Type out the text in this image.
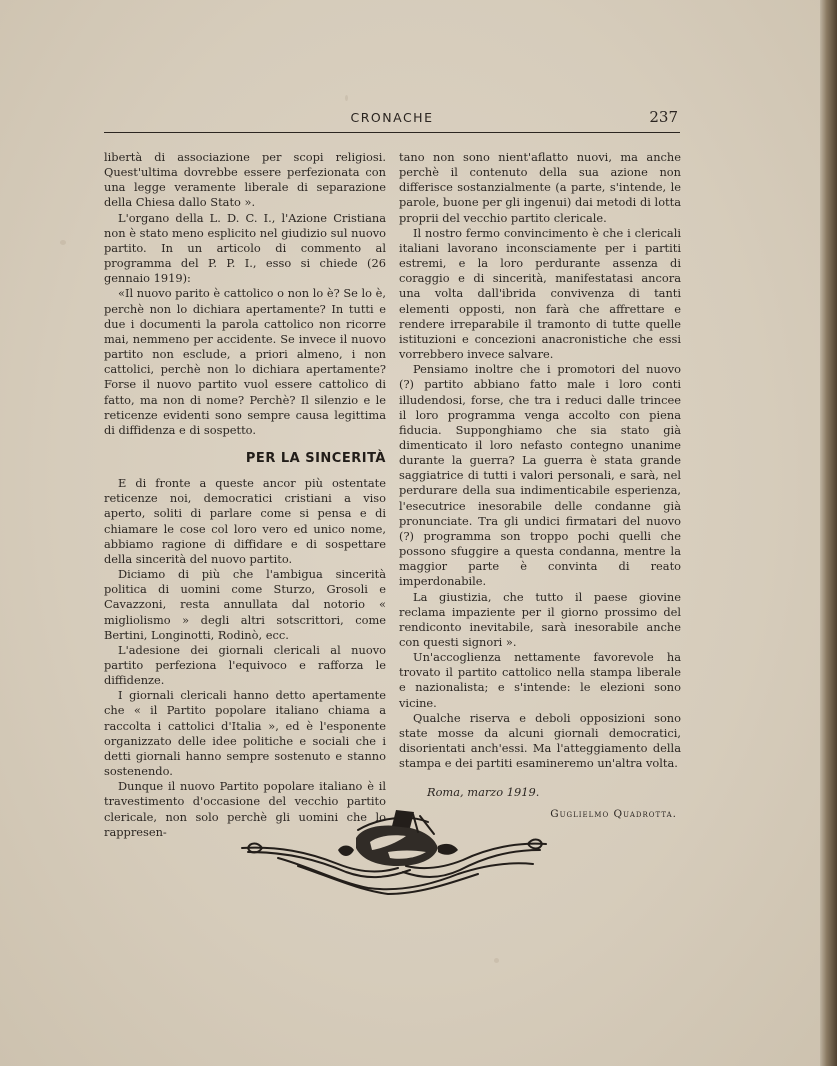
CRONACHE	237

libertà di associazione per scopi religiosi. Quest'ultima dovrebbe essere perfezionata con una legge veramente liberale di separazione della Chiesa dallo Stato ».

L'organo della L. D. C. I., l'Azione Cristiana non è stato meno esplicito nel giudizio sul nuovo partito. In un articolo di commento al programma del P. P. I., esso si chiede (26 gennaio 1919):

«Il nuovo parito è cattolico o non lo è? Se lo è, perchè non lo dichiara apertamente? In tutti e due i documenti la parola cattolico non ricorre mai, nemmeno per accidente. Se invece il nuovo partito non esclude, a priori almeno, i non cattolici, perchè non lo dichiara apertamente? Forse il nuovo partito vuol essere cattolico di fatto, ma non di nome? Perchè? Il silenzio e le reticenze evidenti sono sempre causa legittima di diffidenza e di sospetto.

PER LA SINCERITÀ

E di fronte a queste ancor più ostentate reticenze noi, democratici cristiani a viso aperto, soliti di parlare come si pensa e di chiamare le cose col loro vero ed unico nome, abbiamo ragione di diffidare e di sospettare della sincerità del nuovo partito.

Diciamo di più che l'ambigua sincerità politica di uomini come Sturzo, Grosoli e Cavazzoni, resta annullata dal notorio « migliolismo » degli altri sotscrittori, come Bertini, Longinotti, Rodinò, ecc.

L'adesione dei giornali clericali al nuovo partito perfeziona l'equivoco e rafforza le diffidenze.

I giornali clericali hanno detto apertamente che « il Partito popolare italiano chiama a raccolta i cattolici d'Italia », ed è l'esponente organizzato delle idee politiche e sociali che i detti giornali hanno sempre sostenuto e stanno sostenendo.

Dunque il nuovo Partito popolare italiano è il travestimento d'occasione del vecchio partito clericale, non solo perchè gli uomini che lo rappresen-

tano non sono nient'aflatto nuovi, ma anche perchè il contenuto della sua azione non differisce sostanzialmente (a parte, s'intende, le parole, buone per gli ingenui) dai metodi di lotta proprii del vecchio partito clericale.

Il nostro fermo convincimento è che i clericali italiani lavorano inconsciamente per i partiti estremi, e la loro perdurante assenza di coraggio e di sincerità, manifestatasi ancora una volta dall'ibrida convivenza di tanti elementi opposti, non farà che affrettare e rendere irreparabile il tramonto di tutte quelle istituzioni e concezioni anacronistiche che essi vorrebbero invece salvare.

Pensiamo inoltre che i promotori del nuovo (?) partito abbiano fatto male i loro conti illudendosi, forse, che tra i reduci dalle trincee il loro programma venga accolto con piena fiducia. Supponghiamo che sia stato già dimenticato il loro nefasto contegno unanime durante la guerra? La guerra è stata grande saggiatrice di tutti i valori personali, e sarà, nel perdurare della sua indimenticabile esperienza, l'esecutrice inesorabile delle condanne già pronunciate. Tra gli undici firmatari del nuovo (?) programma son troppo pochi quelli che possono sfuggire a questa condanna, mentre la maggior parte è convinta di reato imperdonabile.

La giustizia, che tutto il paese giovine reclama impaziente per il giorno prossimo del rendiconto inevitabile, sarà inesorabile anche con questi signori ».

Un'accoglienza nettamente favorevole ha trovato il partito cattolico nella stampa liberale e nazionalista; e s'intende: le elezioni sono vicine.

Qualche riserva e deboli opposizioni sono state mosse da alcuni giornali democratici, disorientati anch'essi. Ma l'atteggiamento della stampa e dei partiti esamineremo un'altra volta.

Roma, marzo 1919.
Guglielmo Quadrotta.
